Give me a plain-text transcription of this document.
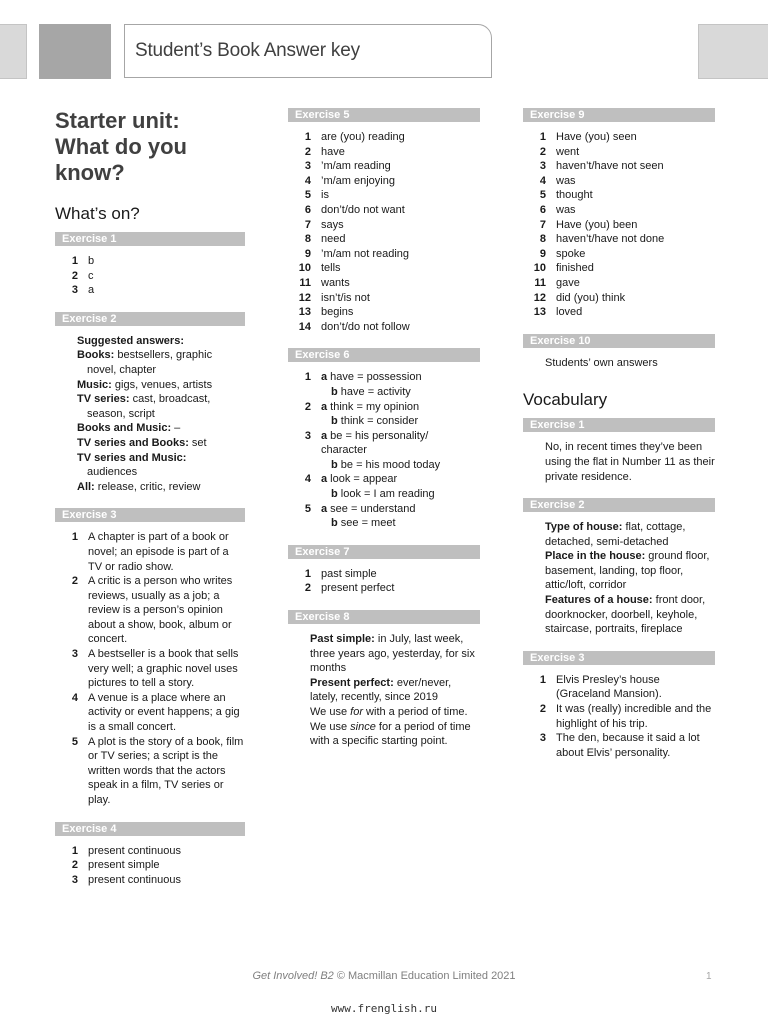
Student’s Book Answer key
Starter unit:
What do you
know?
What’s on?
Exercise 1
1 b
2 c
3 a
Exercise 2
Suggested answers:
Books: bestsellers, graphic
novel, chapter
Music: gigs, venues, artists
TV series: cast, broadcast,
season, script
Books and Music: –
TV series and Books: set
TV series and Music:
audiences
All: release, critic, review
Exercise 3
1 A chapter is part of a book or novel; an episode is part of a TV or radio show.
2 A critic is a person who writes reviews, usually as a job; a review is a person’s opinion about a show, book, album or concert.
3 A bestseller is a book that sells very well; a graphic novel uses pictures to tell a story.
4 A venue is a place where an activity or event happens; a gig is a small concert.
5 A plot is the story of a book, film or TV series; a script is the written words that the actors speak in a film, TV series or play.
Exercise 4
1 present continuous
2 present simple
3 present continuous
Exercise 5
1 are (you) reading
2 have
3 ’m/am reading
4 ’m/am enjoying
5 is
6 don’t/do not want
7 says
8 need
9 ’m/am not reading
10 tells
11 wants
12 isn’t/is not
13 begins
14 don’t/do not follow
Exercise 6
1 a have = possession
b have = activity
2 a think = my opinion
b think = consider
3 a be = his personality/
character
b be = his mood today
4 a look = appear
b look = I am reading
5 a see = understand
b see = meet
Exercise 7
1 past simple
2 present perfect
Exercise 8
Past simple: in July, last week, three years ago, yesterday, for six months
Present perfect: ever/never, lately, recently, since 2019
We use for with a period of time. We use since for a period of time with a specific starting point.
Exercise 9
1 Have (you) seen
2 went
3 haven’t/have not seen
4 was
5 thought
6 was
7 Have (you) been
8 haven’t/have not done
9 spoke
10 finished
11 gave
12 did (you) think
13 loved
Exercise 10
Students’ own answers
Vocabulary
Exercise 1
No, in recent times they’ve been using the flat in Number 11 as their private residence.
Exercise 2
Type of house: flat, cottage, detached, semi-detached
Place in the house: ground floor, basement, landing, top floor, attic/loft, corridor
Features of a house: front door, doorknocker, doorbell, keyhole, staircase, portraits, fireplace
Exercise 3
1 Elvis Presley’s house (Graceland Mansion).
2 It was (really) incredible and the highlight of his trip.
3 The den, because it said a lot about Elvis’ personality.
Get Involved! B2 © Macmillan Education Limited 2021	1
www.frenglish.ru
